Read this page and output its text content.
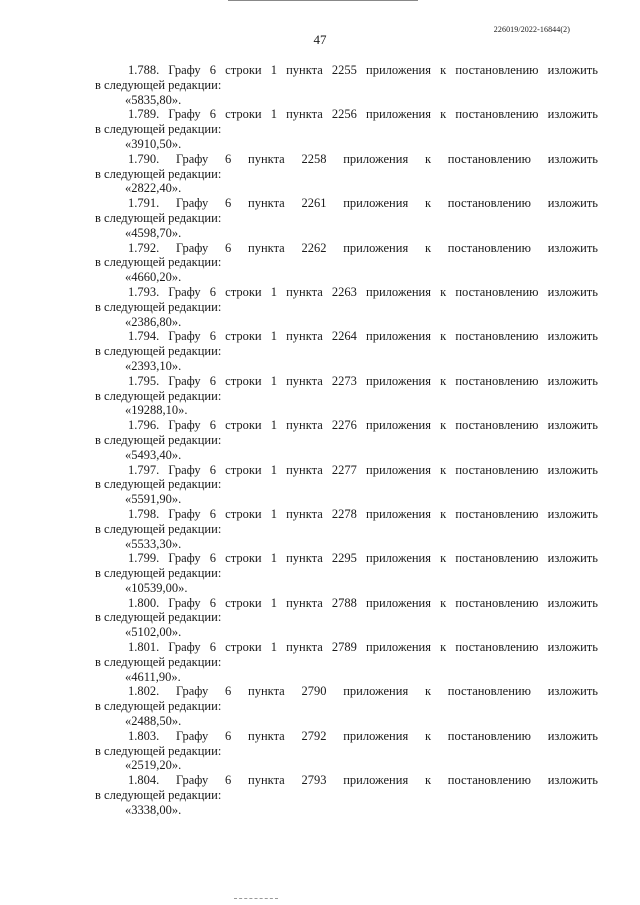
47
226019/2022-16844(2)
1.788. Графу 6 строки 1 пункта 2255 приложения к постановлению изложить
в следующей редакции:
«5835,80».
1.789. Графу 6 строки 1 пункта 2256 приложения к постановлению изложить
в следующей редакции:
«3910,50».
1.790. Графу 6 пункта 2258 приложения к постановлению изложить
в следующей редакции:
«2822,40».
1.791. Графу 6 пункта 2261 приложения к постановлению изложить
в следующей редакции:
«4598,70».
1.792. Графу 6 пункта 2262 приложения к постановлению изложить
в следующей редакции:
«4660,20».
1.793. Графу 6 строки 1 пункта 2263 приложения к постановлению изложить
в следующей редакции:
«2386,80».
1.794. Графу 6 строки 1 пункта 2264 приложения к постановлению изложить
в следующей редакции:
«2393,10».
1.795. Графу 6 строки 1 пункта 2273 приложения к постановлению изложить
в следующей редакции:
«19288,10».
1.796. Графу 6 строки 1 пункта 2276 приложения к постановлению изложить
в следующей редакции:
«5493,40».
1.797. Графу 6 строки 1 пункта 2277 приложения к постановлению изложить
в следующей редакции:
«5591,90».
1.798. Графу 6 строки 1 пункта 2278 приложения к постановлению изложить
в следующей редакции:
«5533,30».
1.799. Графу 6 строки 1 пункта 2295 приложения к постановлению изложить
в следующей редакции:
«10539,00».
1.800. Графу 6 строки 1 пункта 2788 приложения к постановлению изложить
в следующей редакции:
«5102,00».
1.801. Графу 6 строки 1 пункта 2789 приложения к постановлению изложить
в следующей редакции:
«4611,90».
1.802. Графу 6 пункта 2790 приложения к постановлению изложить
в следующей редакции:
«2488,50».
1.803. Графу 6 пункта 2792 приложения к постановлению изложить
в следующей редакции:
«2519,20».
1.804. Графу 6 пункта 2793 приложения к постановлению изложить
в следующей редакции:
«3338,00».
